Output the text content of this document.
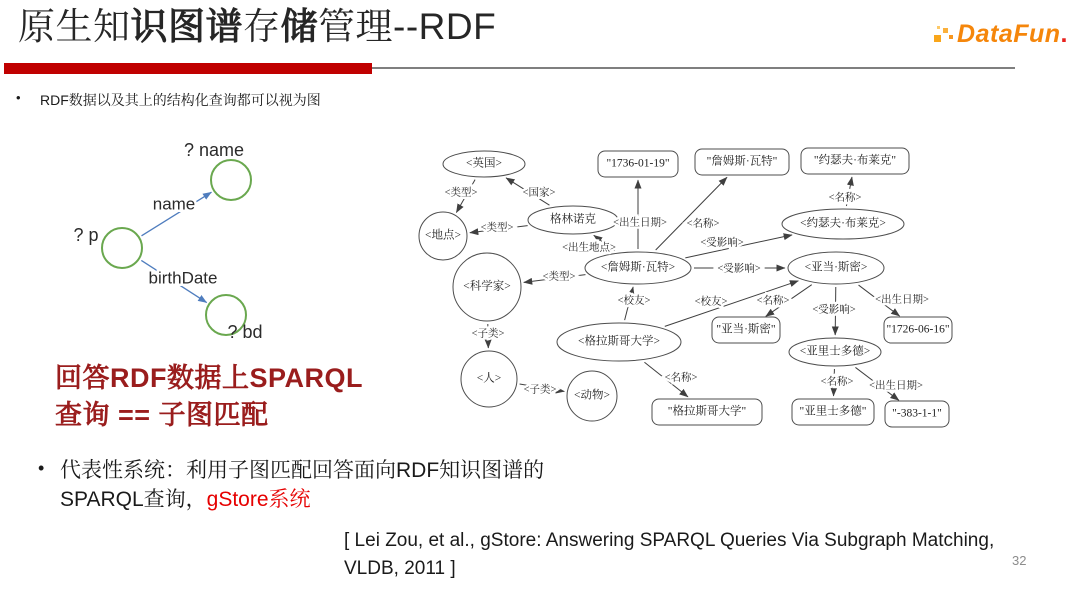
原生知识图谱存储管理--RDF	DataFun.
•	RDF数据以及其上的结构化查询都可以视为图
<类型>	<国家>
<类型>
<出生地点>
<出生日期>
<类型>
<名称>
<受影响>
<受影响>
<名称>
<校友>	<校友>	<名称>	<出生日期>
<受影响>
<子类>
<子类>
<名称>	<名称> <出生日期>
<英国>
<地点>
格林诺克
<科学家>
<詹姆斯·瓦特>
<约瑟夫·布莱克>
<亚当·斯密>
<人>
<动物>
<格拉斯哥大学>
<亚里士多德>
"1736-01-19"	"詹姆斯·瓦特"	"约瑟夫·布莱克"
"1726-06-16"
"亚当·斯密"
"格拉斯哥大学"	"亚里士多德" "-383-1-1"
name
birthDate
? p
? name
? bd
回答RDF数据上SPARQL
查询 == 子图匹配
• 代表性系统：利用子图匹配回答面向RDF知识图谱的
SPARQL查询，gStore系统
[ Lei Zou, et al., gStore: Answering SPARQL Queries Via Subgraph Matching,
VLDB, 2011 ]	32
